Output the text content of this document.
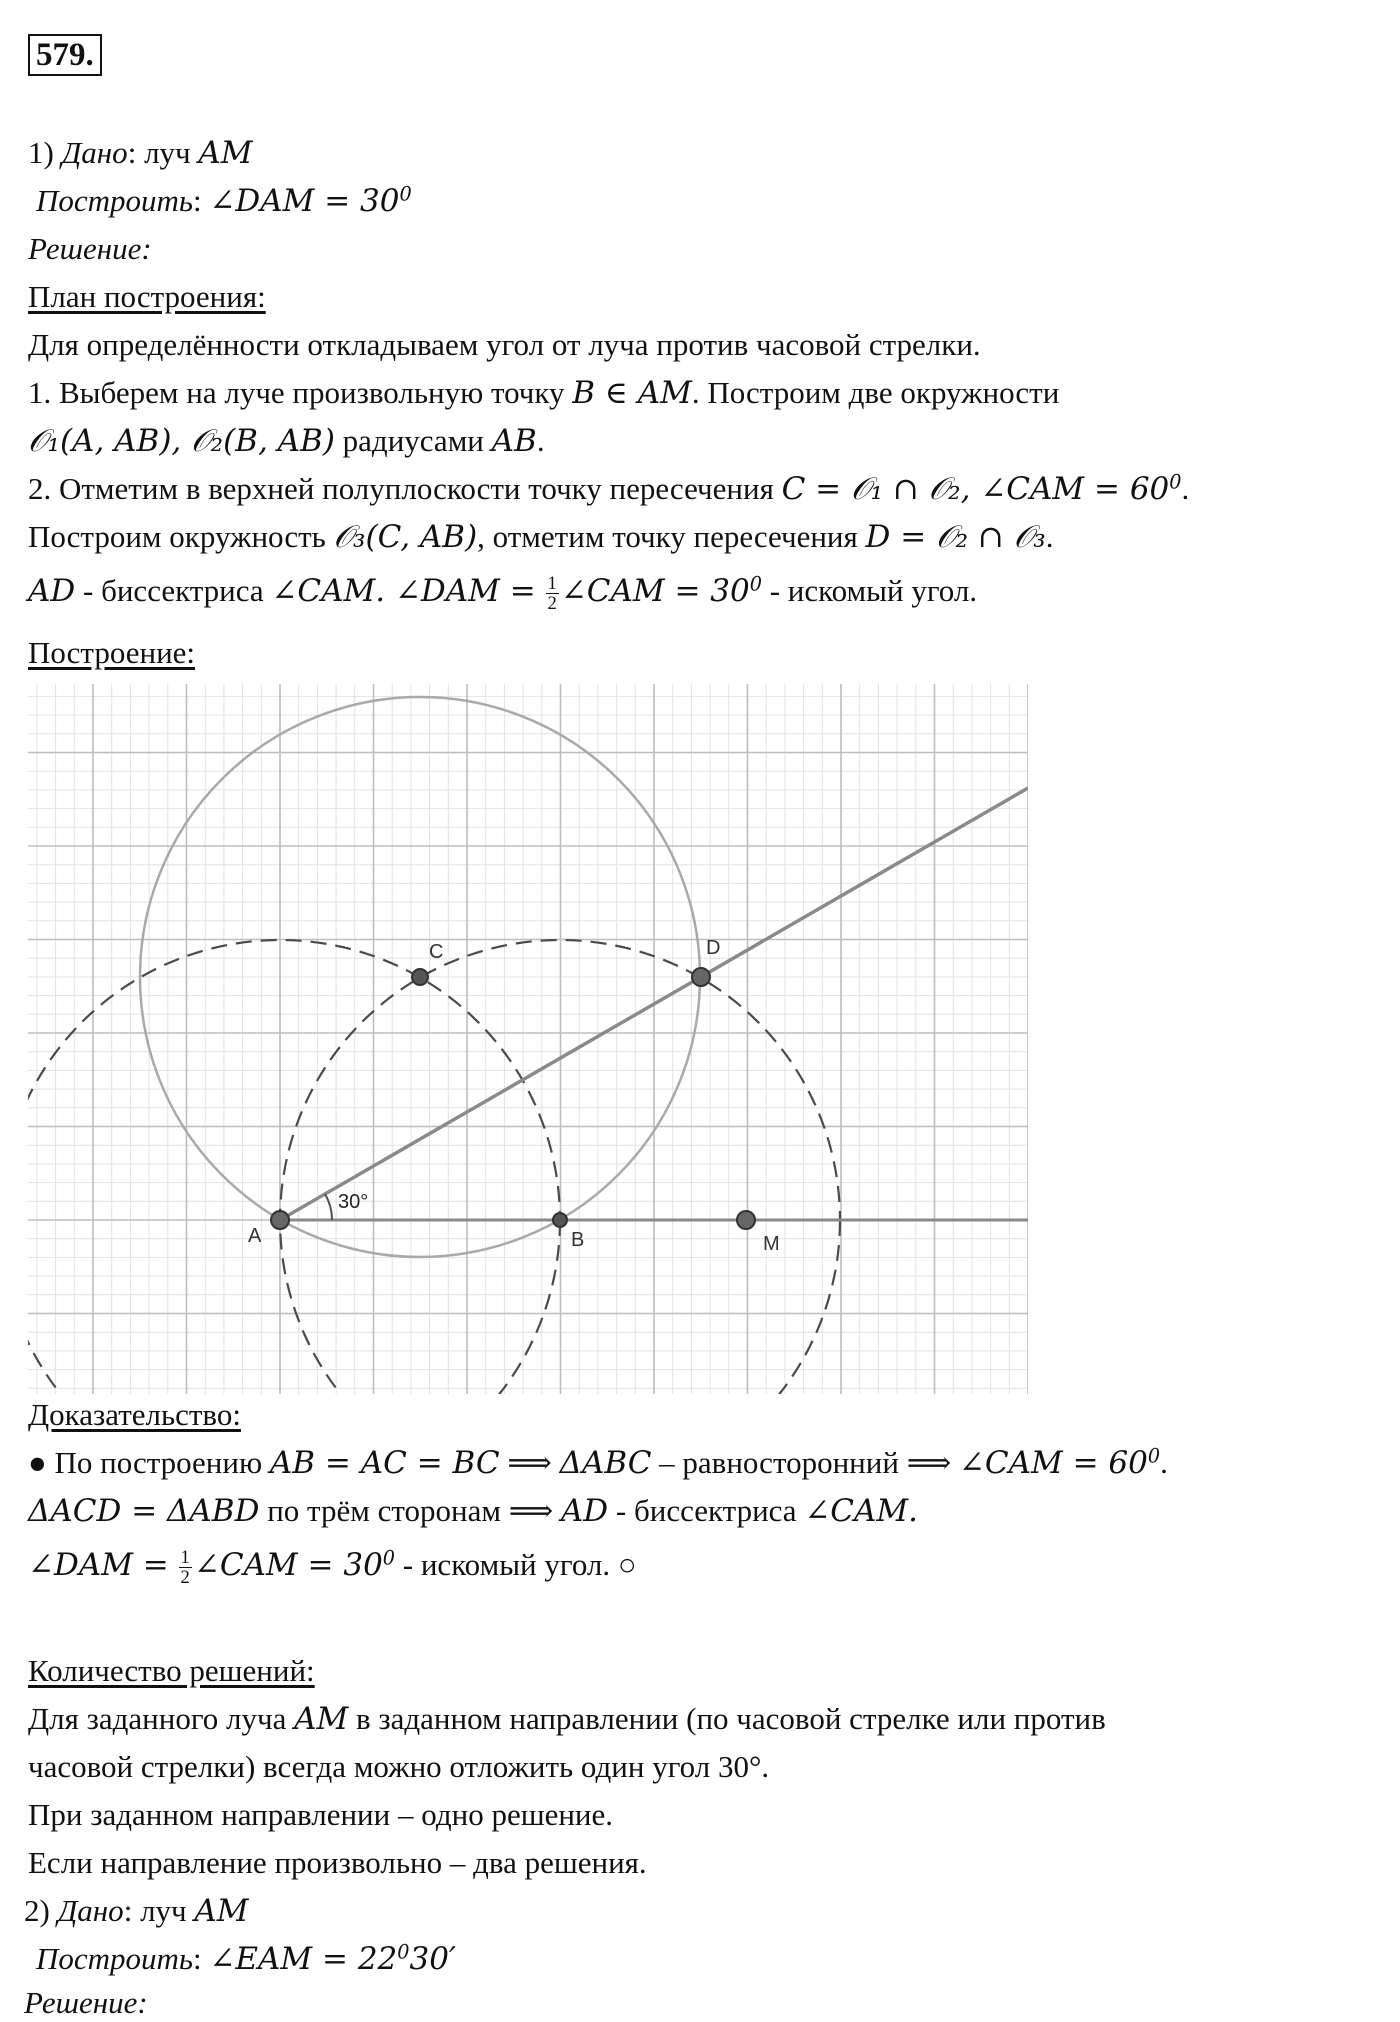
579.
1) Дано: луч AM
Построить: ∠DAM = $30^0$
Решение:
План построения:
Для определённости откладываем угол от луча против часовой стрелки.
1. Выберем на луче произвольную точку B ∈ AM. Построим две окружности
𝒪₁(A, AB), 𝒪₂(B, AB) радиусами AB.
2. Отметим в верхней полуплоскости точку пересечения C = 𝒪₁ ∩ 𝒪₂, ∠CAM = $60^0$.
Построим окружность 𝒪₃(C, AB), отметим точку пересечения D = 𝒪₂ ∩ 𝒪₃.
AD - биссектриса ∠CAM. ∠DAM = $\frac{1}{2}$ ∠CAM = $30^0$ - искомый угол.
Построение:
30°
A	B
C	D
M
Доказательство:
● По построению AB = AC = BC ⟹ ΔABC – равносторонний ⟹ ∠CAM = $60^0$.
ΔACD = ΔABD по трём сторонам ⟹ AD - биссектриса ∠CAM.
∠DAM = $\frac{1}{2}$ ∠CAM = $30^0$ - искомый угол. ○
Количество решений:
Для заданного луча AM в заданном направлении (по часовой стрелке или против
часовой стрелки) всегда можно отложить один угол 30°.
При заданном направлении – одно решение.
Если направление произвольно – два решения.
2) Дано: луч AM
Построить: ∠EAM = $22^030'$
Решение:
